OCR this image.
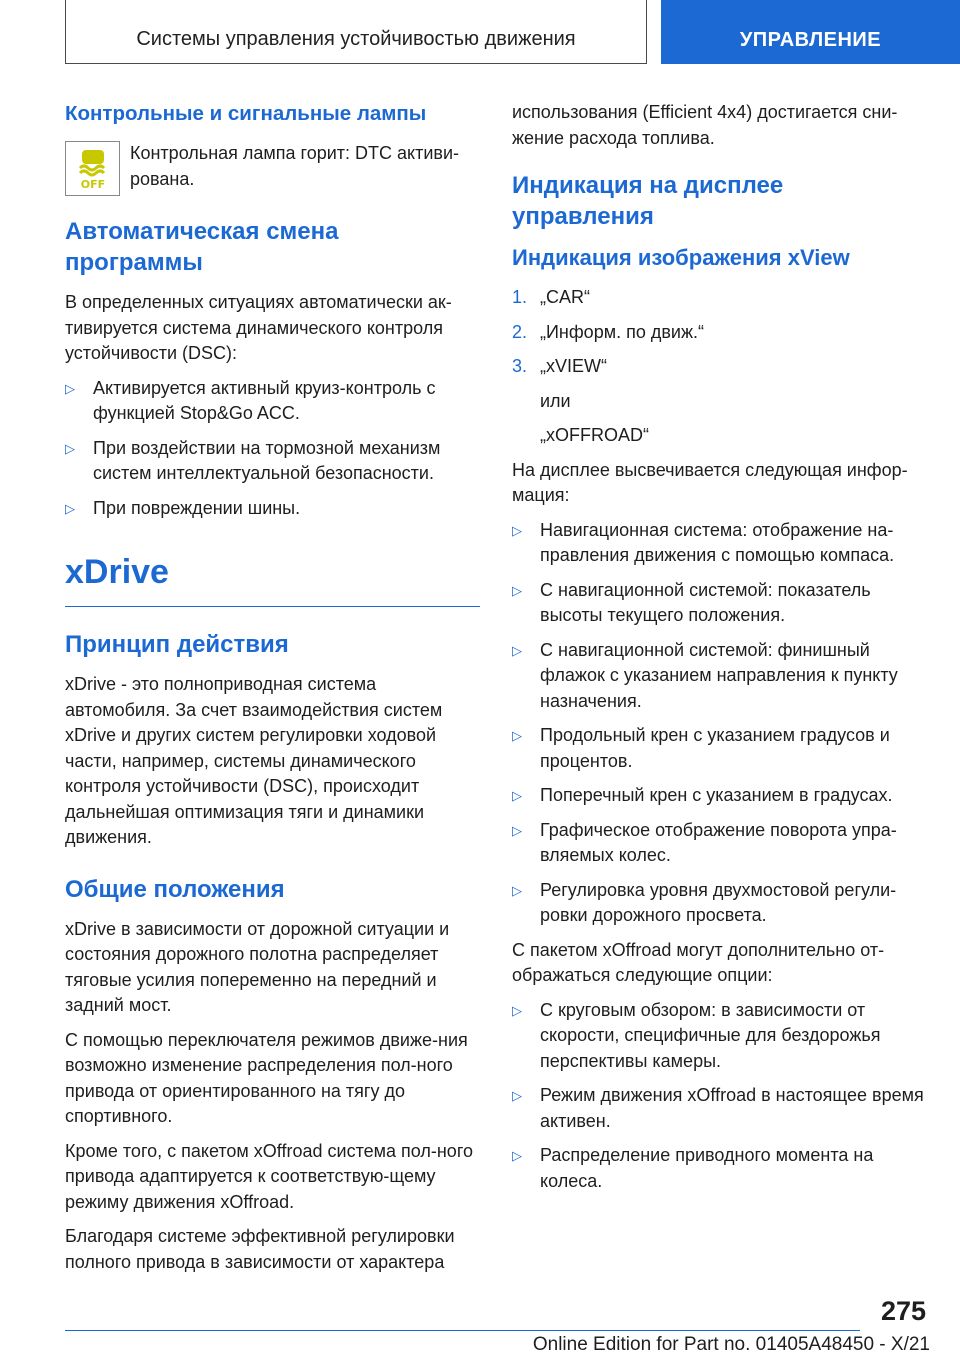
Системы управления устойчивостью движения	УПРАВЛЕНИЕ
Контрольные и сигнальные лампы
OFF
Контрольная лампа горит: DTC активи-рована.
Автоматическая смена программы
В определенных ситуациях автоматически ак-тивируется система динамического контроля устойчивости (DSC):
▷ Активируется активный круиз-контроль с функцией Stop&Go ACC.
▷ При воздействии на тормозной механизм систем интеллектуальной безопасности.
▷ При повреждении шины.
xDrive
Принцип действия
xDrive - это полноприводная система автомобиля. За счет взаимодействия систем xDrive и других систем регулировки ходовой части, например, системы динамического контроля устойчивости (DSC), происходит дальнейшая оптимизация тяги и динамики движения.
Общие положения
xDrive в зависимости от дорожной ситуации и состояния дорожного полотна распределяет тяговые усилия попеременно на передний и задний мост.
С помощью переключателя режимов движе-ния возможно изменение распределения пол-ного привода от ориентированного на тягу до спортивного.
Кроме того, с пакетом xOffroad система пол-ного привода адаптируется к соответствую-щему режиму движения xOffroad.
Благодаря системе эффективной регулировки полного привода в зависимости от характера
использования (Efficient 4x4) достигается сни-жение расхода топлива.
Индикация на дисплее управления
Индикация изображения xView
1. „CAR“
2. „Информ. по движ.“
3. „xVIEW“
или
„xOFFROAD“
На дисплее высвечивается следующая инфор-мация:
▷ Навигационная система: отображение на-правления движения с помощью компаса.
▷ С навигационной системой: показатель высоты текущего положения.
▷ С навигационной системой: финишный флажок с указанием направления к пункту назначения.
▷ Продольный крен с указанием градусов и процентов.
▷ Поперечный крен с указанием в градусах.
▷ Графическое отображение поворота упра-вляемых колес.
▷ Регулировка уровня двухмостовой регули-ровки дорожного просвета.
С пакетом xOffroad могут дополнительно от-ображаться следующие опции:
▷ С круговым обзором: в зависимости от скорости, специфичные для бездорожья перспективы камеры.
▷ Режим движения xOffroad в настоящее время активен.
▷ Распределение приводного момента на колеса.
275
Online Edition for Part no. 01405A48450 - X/21
